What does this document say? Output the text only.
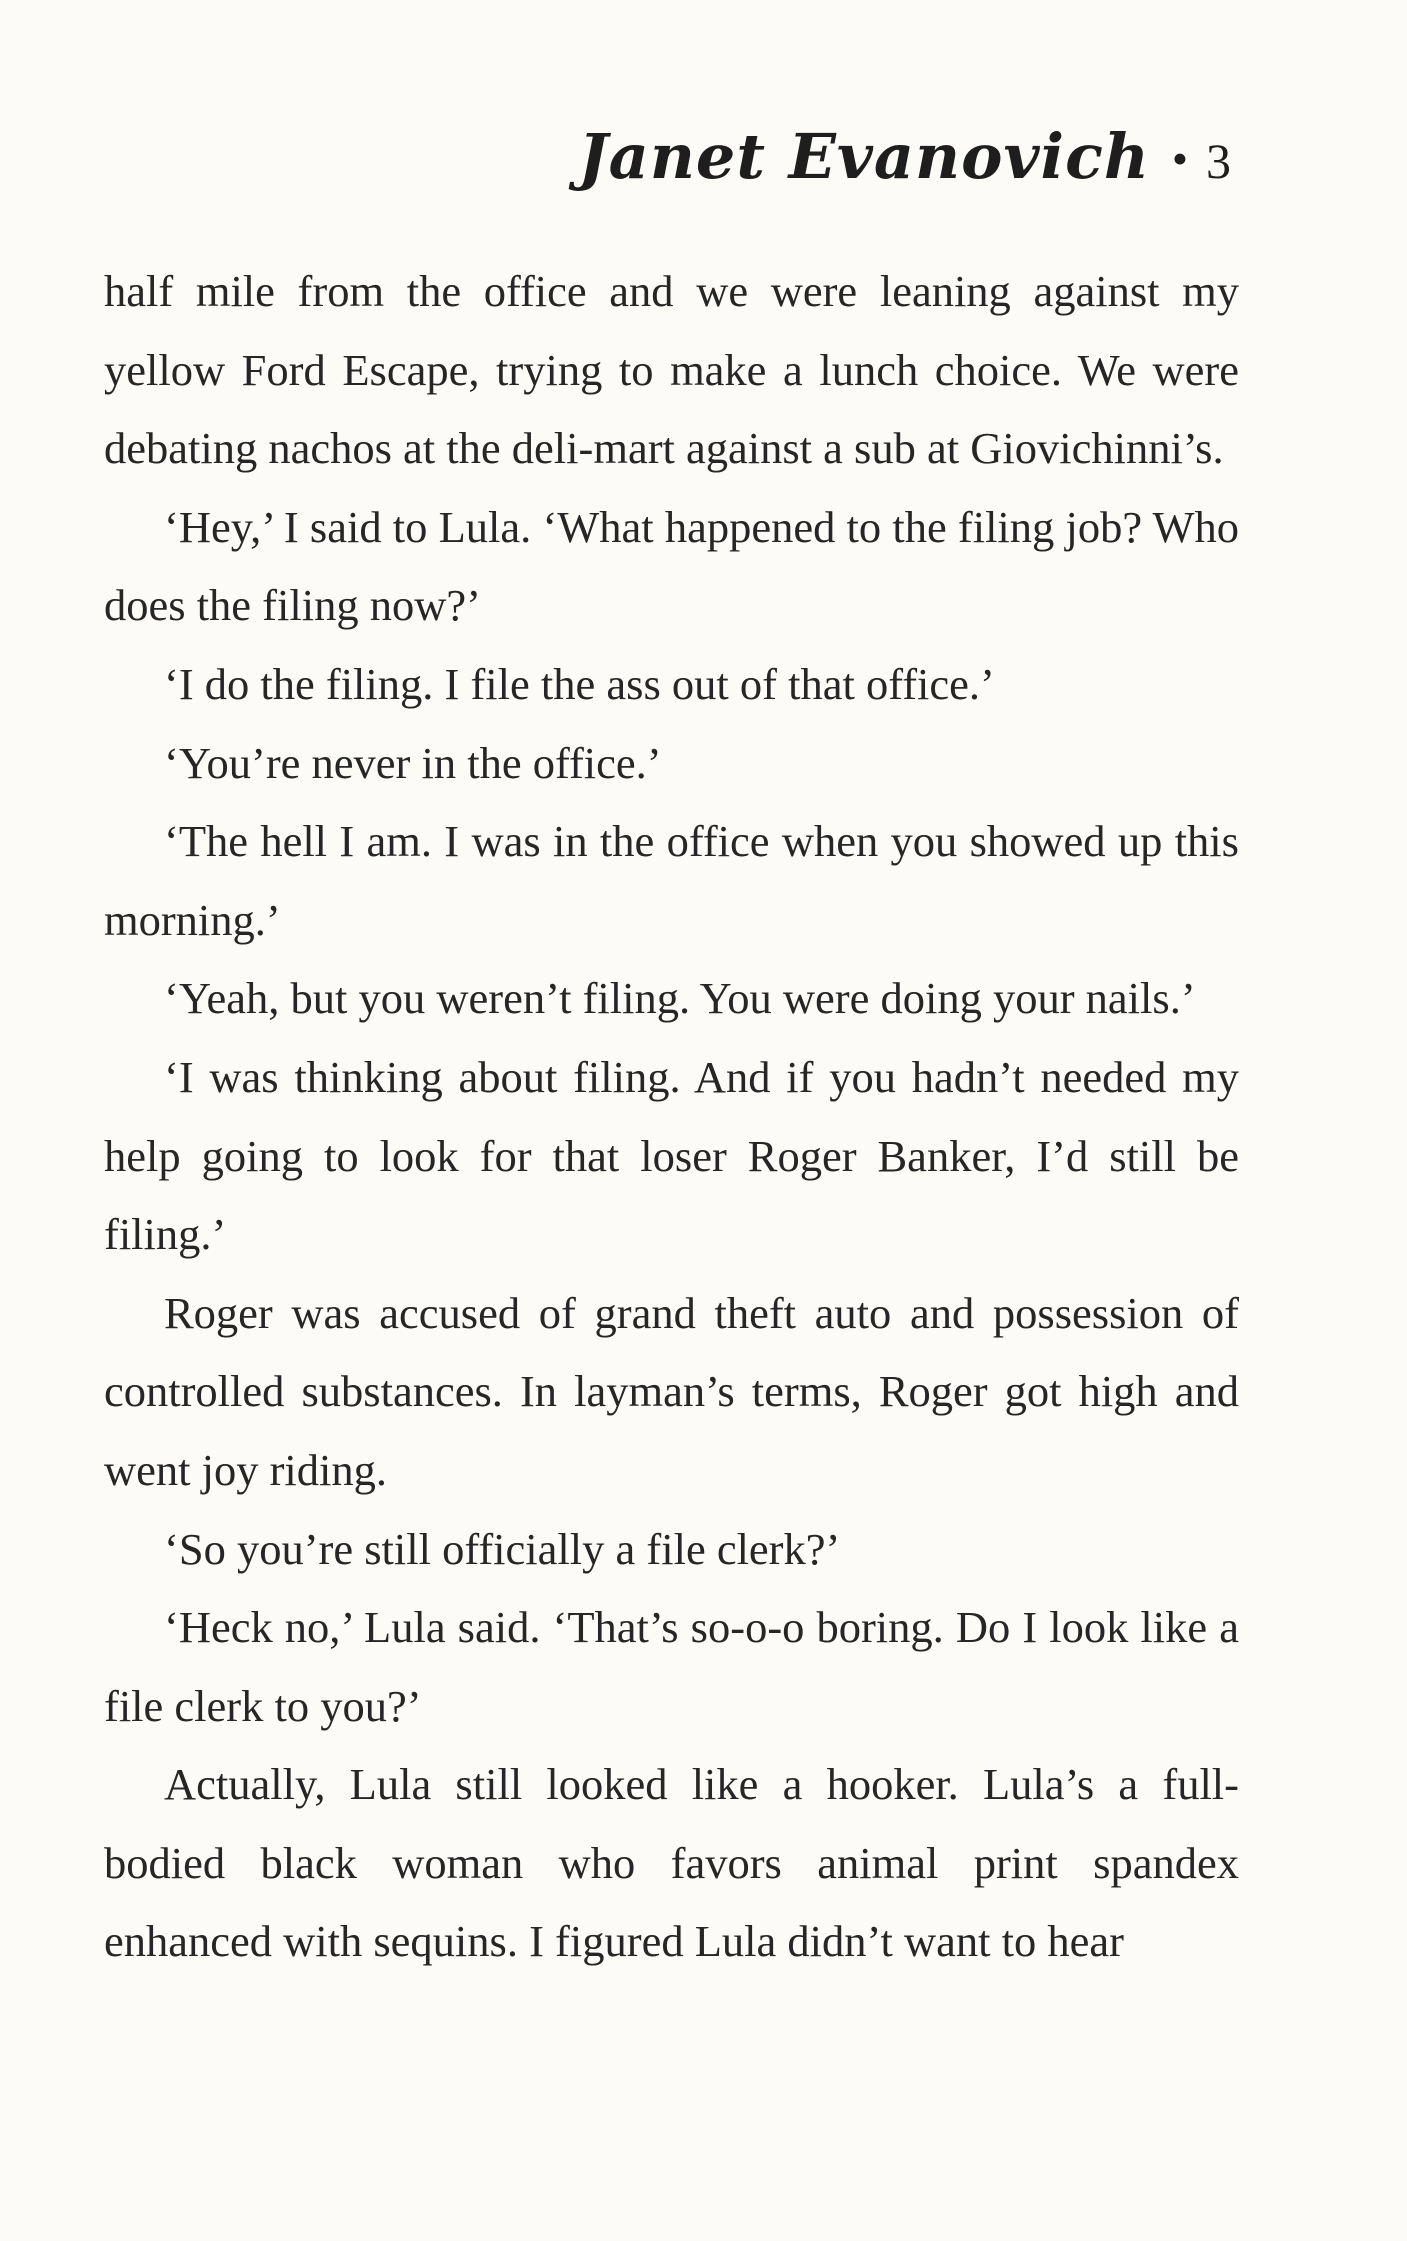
Janet Evanovich • 3

half mile from the office and we were leaning against my yellow Ford Escape, trying to make a lunch choice. We were debating nachos at the deli-mart against a sub at Giovichinni’s.

‘Hey,’ I said to Lula. ‘What happened to the filing job? Who does the filing now?’

‘I do the filing. I file the ass out of that office.’

‘You’re never in the office.’

‘The hell I am. I was in the office when you showed up this morning.’

‘Yeah, but you weren’t filing. You were doing your nails.’

‘I was thinking about filing. And if you hadn’t needed my help going to look for that loser Roger Banker, I’d still be filing.’

Roger was accused of grand theft auto and possession of controlled substances. In layman’s terms, Roger got high and went joy riding.

‘So you’re still officially a file clerk?’

‘Heck no,’ Lula said. ‘That’s so-o-o boring. Do I look like a file clerk to you?’

Actually, Lula still looked like a hooker. Lula’s a full-bodied black woman who favors animal print spandex enhanced with sequins. I figured Lula didn’t want to hear
